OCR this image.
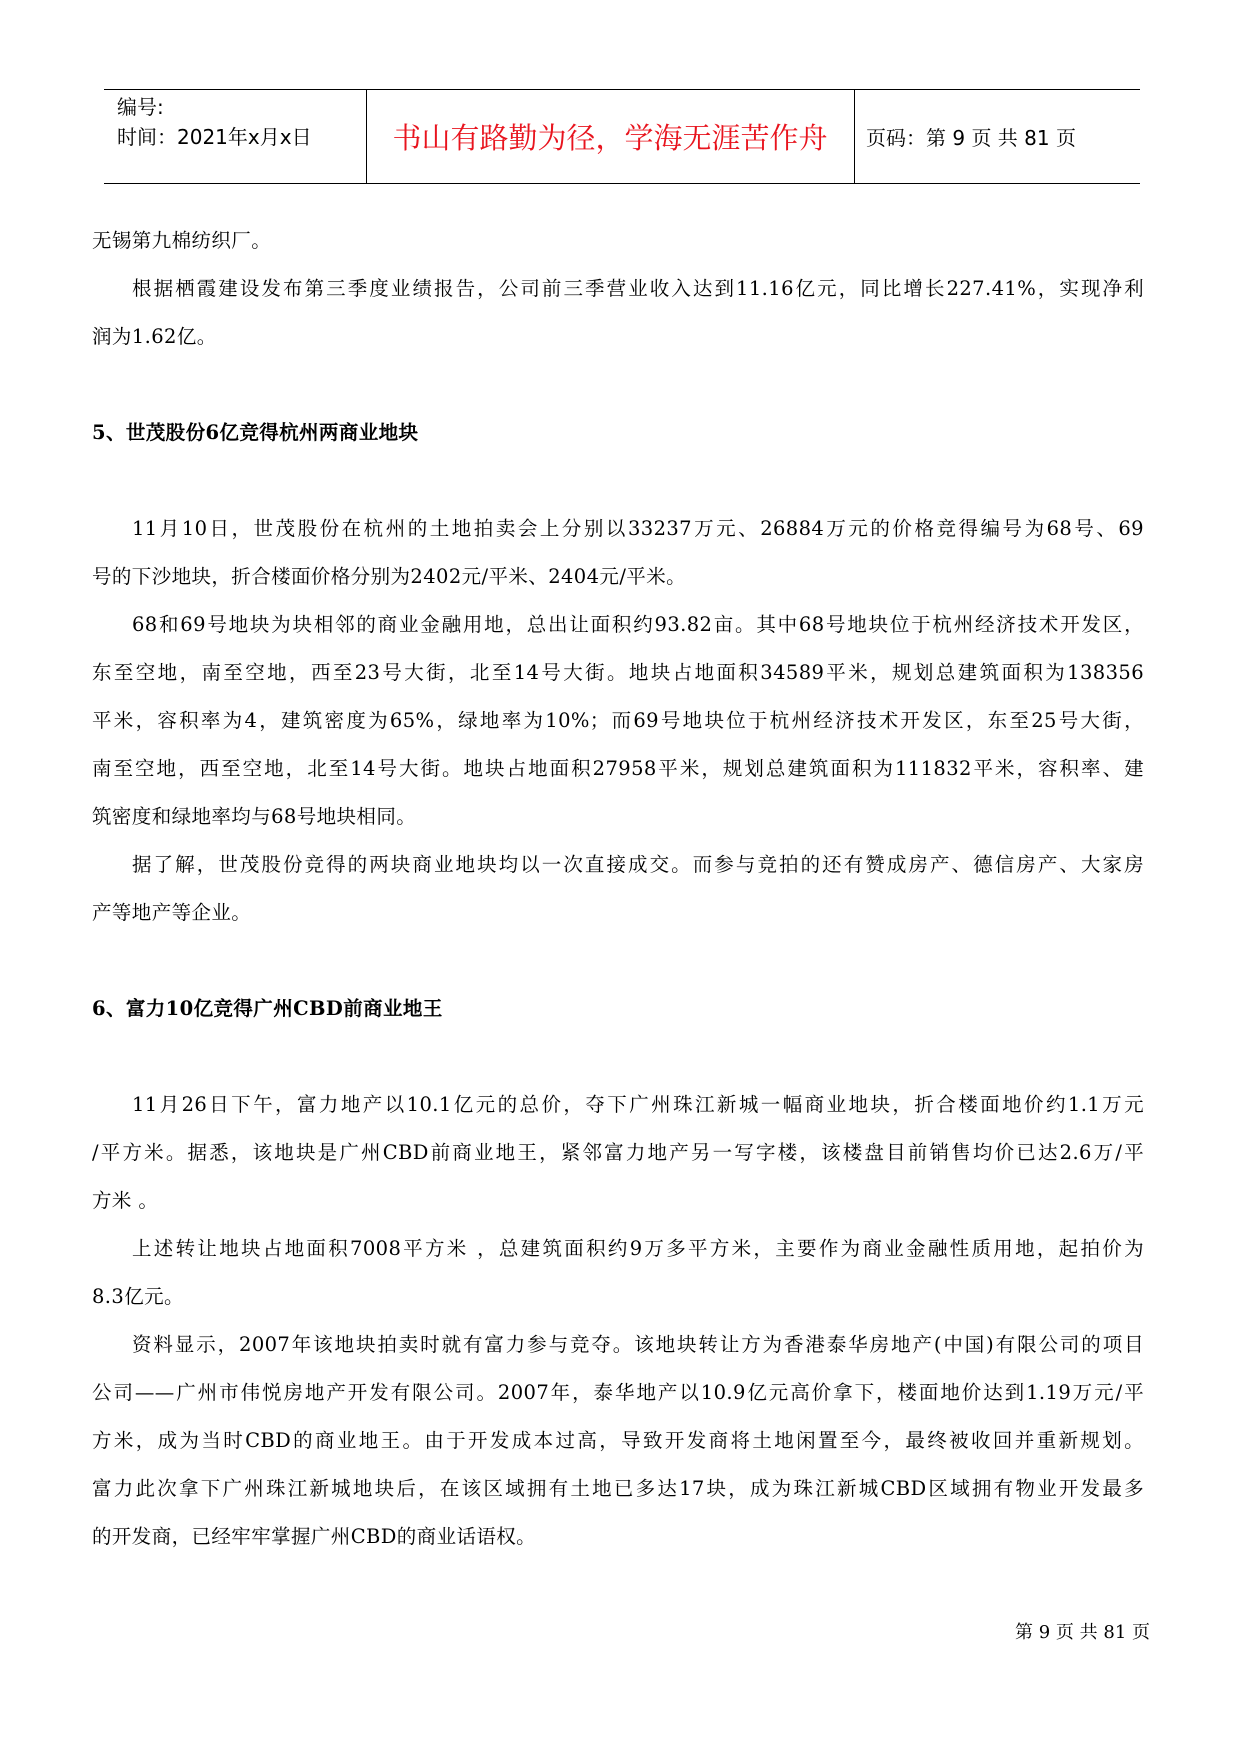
编号:
时间：2021年x月x日	书山有路勤为径，学海无涯苦作舟	页码：第 9 页 共 81 页
无锡第九棉纺织厂。
根据栖霞建设发布第三季度业绩报告，公司前三季营业收入达到11.16亿元，同比增长227.41%，实现净利
润为1.62亿。
5、世茂股份6亿竞得杭州两商业地块
11月10日，世茂股份在杭州的土地拍卖会上分别以33237万元、26884万元的价格竞得编号为68号、69
号的下沙地块，折合楼面价格分别为2402元/平米、2404元/平米。
68和69号地块为块相邻的商业金融用地，总出让面积约93.82亩。其中68号地块位于杭州经济技术开发区，
东至空地，南至空地，西至23号大街，北至14号大街。地块占地面积34589平米，规划总建筑面积为138356
平米，容积率为4，建筑密度为65%，绿地率为10%；而69号地块位于杭州经济技术开发区，东至25号大街，
南至空地，西至空地，北至14号大街。地块占地面积27958平米，规划总建筑面积为111832平米，容积率、建
筑密度和绿地率均与68号地块相同。
据了解，世茂股份竞得的两块商业地块均以一次直接成交。而参与竞拍的还有赞成房产、德信房产、大家房
产等地产等企业。
6、富力10亿竞得广州CBD前商业地王
11月26日下午，富力地产以10.1亿元的总价，夺下广州珠江新城一幅商业地块，折合楼面地价约1.1万元
/平方米。据悉，该地块是广州CBD前商业地王，紧邻富力地产另一写字楼，该楼盘目前销售均价已达2.6万/平
方米 。
上述转让地块占地面积7008平方米 ，总建筑面积约9万多平方米，主要作为商业金融性质用地，起拍价为
8.3亿元。
资料显示，2007年该地块拍卖时就有富力参与竞夺。该地块转让方为香港泰华房地产(中国)有限公司的项目
公司——广州市伟悦房地产开发有限公司。2007年，泰华地产以10.9亿元高价拿下，楼面地价达到1.19万元/平
方米，成为当时CBD的商业地王。由于开发成本过高，导致开发商将土地闲置至今，最终被收回并重新规划。
富力此次拿下广州珠江新城地块后，在该区域拥有土地已多达17块，成为珠江新城CBD区域拥有物业开发最多
的开发商，已经牢牢掌握广州CBD的商业话语权。
第 9 页 共 81 页
